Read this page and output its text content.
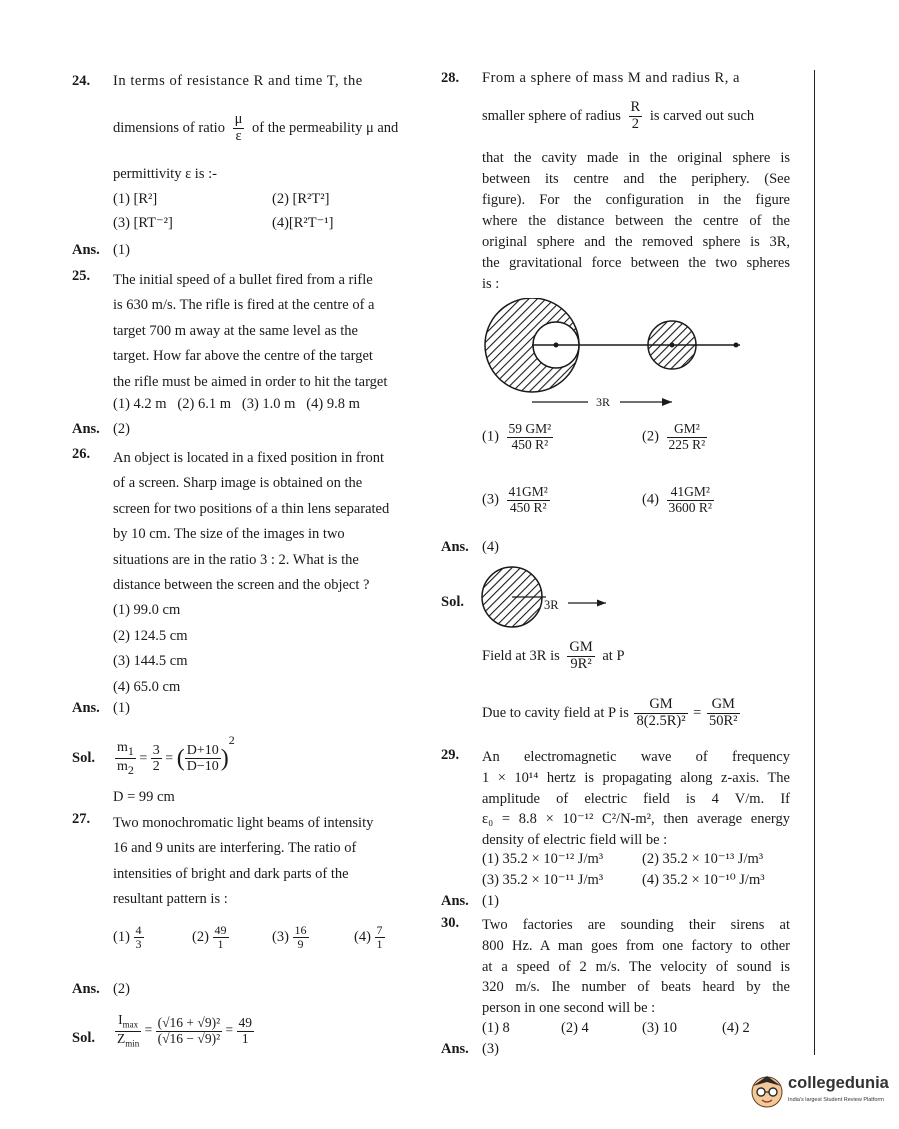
24. In terms of resistance R and time T, the
dimensions of ratio $\frac{\mu}{\varepsilon}$ of the permeability μ and
permittivity ε is :-
(1) [R²]	(2) [R²T²]
(3) [RT⁻²]	(4)[R²T⁻¹]
Ans. (1)
25. The initial speed of a bullet fired from a rifle
is 630 m/s. The rifle is fired at the centre of a
target 700 m away at the same level as the
target. How far above the centre of the target
the rifle must be aimed in order to hit the target
(1) 4.2 m   (2) 6.1 m   (3) 1.0 m   (4) 9.8 m
Ans. (2)
26. An object is located in a fixed position in front
of a screen. Sharp image is obtained on the
screen for two positions of a thin lens separated
by 10 cm. The size of the images in two
situations are in the ratio 3 : 2. What is the
distance between the screen and the object ?
(1) 99.0 cm
(2) 124.5 cm
(3) 144.5 cm
(4) 65.0 cm
Ans. (1)
Sol. $\frac{m_1}{m_2} = \frac{3}{2}$ = ( $\frac{D+10}{D-10} )^2$
D = 99 cm
27. Two monochromatic light beams of intensity
16 and 9 units are interfering. The ratio of
intensities of bright and dark parts of the
resultant pattern is :
$(1) \frac{4}{3}$	$(2) \frac{49}{1}$	$(3) \frac{16}{9}$	$(4) \frac{7}{1}$
Ans. (2)
Sol. $\frac{I_{max}}{Z_{min}} = \frac{\text{(√16 + √9)²}}{\text{(√16 − √9)²}} = \frac{49}{1}$
28. From a sphere of mass M and radius R, a
smaller sphere of radius $\frac{R}{2}$ is carved out such
that the cavity made in the original sphere is
between its centre and the periphery. (See
figure). For the configuration in the figure
where the distance between the centre of the
original sphere and the removed sphere is 3R,
the gravitational force between the two spheres
is :
3R
$(1) \frac{\text{59 GM²}}{\text{450 R²}}$	$(2) \frac{\text{GM²}}{\text{225 R²}}$
$(3) \frac{\text{41GM²}}{\text{450 R²}}$	$(4) \frac{\text{41GM²}}{\text{3600 R²}}$
Ans. (4)
Sol.	3R
Field at 3R is $\frac{GM}{\text{9R²}}$ at P
Due to cavity field at P is $\frac{GM}{\text{8(2.5R)²}} = \frac{GM}{\text{50R²}}$
29. An electromagnetic wave of frequency
1 × 10¹⁴ hertz is propagating along z-axis. The
amplitude of electric field is 4 V/m. If
ε₀ = 8.8 × 10⁻¹² C²/N-m², then average energy
density of electric field will be :
(1) 35.2 × 10⁻¹² J/m³	(2) 35.2 × 10⁻¹³ J/m³
(3) 35.2 × 10⁻¹¹ J/m³	(4) 35.2 × 10⁻¹⁰ J/m³
Ans. (1)
30. Two factories are sounding their sirens at
800 Hz. A man goes from one factory to other
at a speed of 2 m/s. The velocity of sound is
320 m/s. Ihe number of beats heard by the
person in one second will be :
(1) 8	(2) 4	(3) 10	(4) 2
Ans. (3)
collegedunia
India's largest Student Review Platform
